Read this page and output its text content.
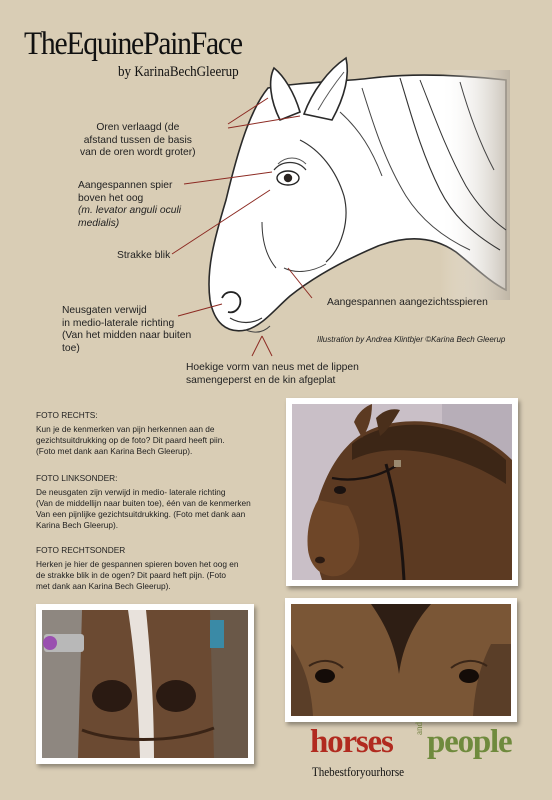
TheEquinePainFace
by KarinaBechGleerup
Oren verlaagd (de
afstand tussen de basis
van de oren wordt groter)
Aangespannen spier
boven het oog
(m. levator anguli oculi
medialis)
Strakke blik
Aangespannen aangezichtsspieren
Neusgaten verwijd
in medio-laterale richting
(Van het midden naar buiten
toe)
Illustration by Andrea Klintbjer ©Karina Bech Gleerup
Hoekige vorm van neus met de lippen
samengeperst en de kin afgeplat
FOTO RECHTS:
Kun je de kenmerken van pijn herkennen aan de
gezichtsuitdrukking op de foto? Dit paard heeft piin.
(Foto met dank aan Karina Bech Gleerup).
FOTO LINKSONDER:
De neusgaten zijn verwijd in medio- laterale richting
(Van de middellijn naar buiten toe), één van de kenmerken
Van een pijnlijke gezichtsuitdrukking. (Foto met dank aan
Karina Bech Gleerup).
FOTO RECHTSONDER
Herken je hier de gespannen spieren boven het oog en
de strakke blik in de ogen? Dit paard heft pijn. (Foto
met dank aan Karina Bech Gleerup).
horses and people
Thebestforyourhorse
